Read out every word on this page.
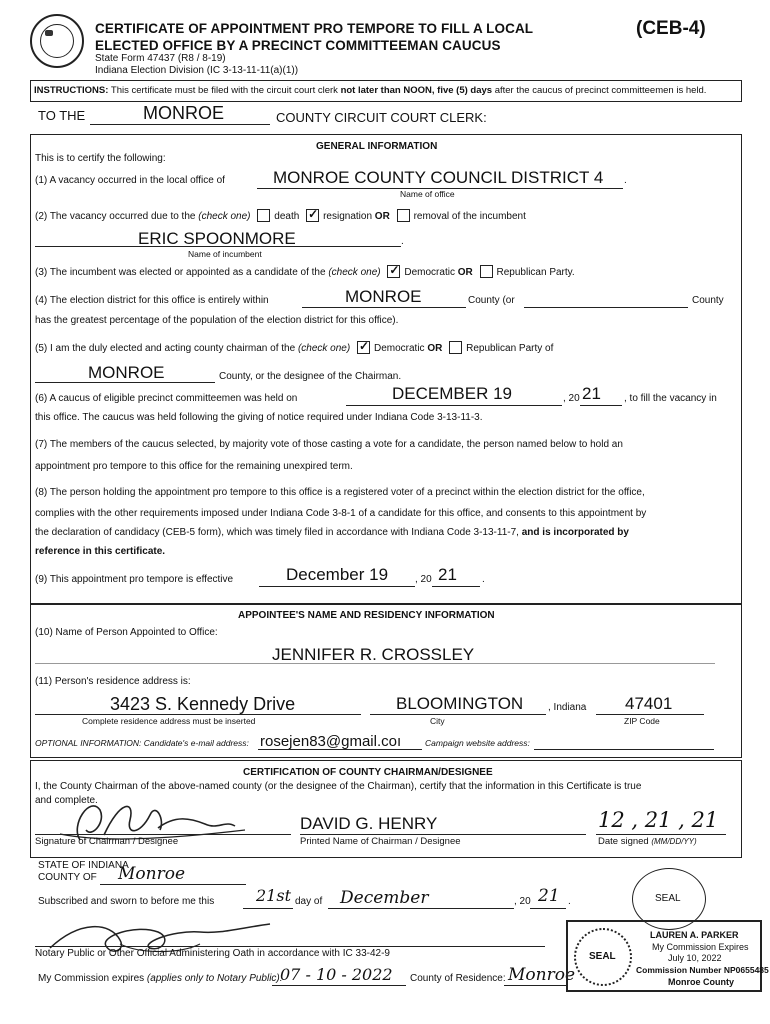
CERTIFICATE OF APPOINTMENT PRO TEMPORE TO FILL A LOCAL
ELECTED OFFICE BY A PRECINCT COMMITTEEMAN CAUCUS
(CEB-4)
State Form 47437 (R8 / 8-19)
Indiana Election Division (IC 3-13-11-11(a)(1))
INSTRUCTIONS: This certificate must be filed with the circuit court clerk not later than NOON, five (5) days after the caucus of precinct committeemen is held.
TO THE	MONROE	COUNTY CIRCUIT COURT CLERK:
GENERAL INFORMATION
This is to certify the following:
(1) A vacancy occurred in the local office of	MONROE COUNTY COUNCIL DISTRICT 4 .
Name of office
(2) The vacancy occurred due to the (check one) death ✓ resignation OR removal of the incumbent
ERIC SPOONMORE	.
Name of incumbent
(3) The incumbent was elected or appointed as a candidate of the (check one) ✓ Democratic OR Republican Party.
(4) The election district for this office is entirely within	MONROE	County (or	County
has the greatest percentage of the population of the election district for this office).
(5) I am the duly elected and acting county chairman of the (check one) ✓ Democratic OR Republican Party of
MONROE	County, or the designee of the Chairman.
(6) A caucus of eligible precinct committeemen was held on	DECEMBER 19	, 20 21 , to fill the vacancy in
this office. The caucus was held following the giving of notice required under Indiana Code 3-13-11-3.
(7) The members of the caucus selected, by majority vote of those casting a vote for a candidate, the person named below to hold an
appointment pro tempore to this office for the remaining unexpired term.
(8) The person holding the appointment pro tempore to this office is a registered voter of a precinct within the election district for the office,
complies with the other requirements imposed under Indiana Code 3-8-1 of a candidate for this office, and consents to this appointment by
the declaration of candidacy (CEB-5 form), which was timely filed in accordance with Indiana Code 3-13-11-7, and is incorporated by
reference in this certificate.
(9) This appointment pro tempore is effective	December 19	, 20 21	.
APPOINTEE'S NAME AND RESIDENCY INFORMATION
(10) Name of Person Appointed to Office:
JENNIFER R. CROSSLEY
(11) Person's residence address is:
3423 S. Kennedy Drive
Complete residence address must be inserted
BLOOMINGTON
City
, Indiana 47401
ZIP Code
OPTIONAL INFORMATION: Candidate's e-mail address: rosejen83@gmail.coı	Campaign website address:
CERTIFICATION OF COUNTY CHAIRMAN/DESIGNEE
I, the County Chairman of the above-named county (or the designee of the Chairman), certify that the information in this Certificate is true
and complete.
Signature of Chairman / Designee
DAVID G. HENRY
Printed Name of Chairman / Designee
12 , 21 , 21
Date signed (MM/DD/YY)
STATE OF INDIANA
COUNTY OF Monroe
Subscribed and sworn to before me this	21st day of December	, 20 21 .	SEAL
Notary Public or Other Official Administering Oath in accordance with IC 33-42-9
My Commission expires (applies only to Notary Public):
07 - 10 - 2022 County of Residence: Monroe
SEAL
LAUREN A. PARKER
My Commission Expires
July 10, 2022
Commission Number NP0655485
Monroe County
